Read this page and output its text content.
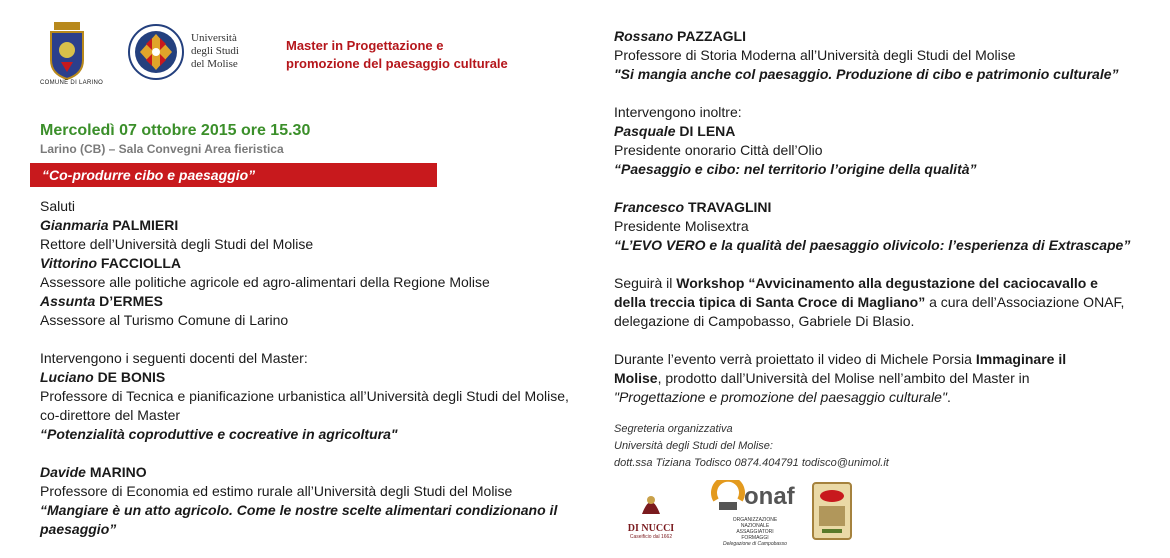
COMUNE DI LARINO
Università
degli Studi
del Molise
Master in Progettazione e
promozione del paesaggio culturale
Mercoledì 07 ottobre 2015 ore 15.30
Larino (CB) – Sala Convegni Area fieristica
“Co-produrre cibo e paesaggio”
Saluti
Gianmaria PALMIERI
Rettore dell’Università degli Studi del Molise
Vittorino FACCIOLLA
Assessore alle politiche agricole ed agro-alimentari della Regione Molise
Assunta D’ERMES
Assessore al Turismo Comune di Larino
Intervengono i seguenti docenti del Master:
Luciano DE BONIS
Professore di Tecnica e pianificazione urbanistica all’Università degli Studi del Molise,
co-direttore del Master
“Potenzialità coproduttive e cocreative in agricoltura"
Davide MARINO
Professore di Economia ed estimo rurale all’Università degli Studi del Molise
“Mangiare è un atto agricolo. Come le nostre scelte alimentari condizionano il paesaggio”
Rossano PAZZAGLI
Professore di Storia Moderna all’Università degli Studi del Molise
"Si mangia anche col paesaggio. Produzione di cibo e patrimonio culturale”
Intervengono inoltre:
Pasquale DI LENA
Presidente onorario Città dell’Olio
“Paesaggio e cibo: nel territorio l’origine della qualità”
Francesco TRAVAGLINI
Presidente Molisextra
“L’EVO VERO e la qualità del paesaggio olivicolo: l’esperienza di Extrascape”
Seguirà il Workshop “Avvicinamento alla degustazione del caciocavallo e
della treccia tipica di Santa Croce di Magliano” a cura dell’Associazione ONAF,
delegazione di Campobasso, Gabriele Di Blasio.
Durante l’evento verrà proiettato il video di Michele Porsia Immaginare il
Molise, prodotto dall’Università del Molise nell’ambito del Master in
"Progettazione e promozione del paesaggio culturale".
Segreteria organizzativa
Università degli Studi del Molise:
dott.ssa Tiziana Todisco 0874.404791 todisco@unimol.it
DI NUCCI
Caseificio dal 1662
onaf
ORGANIZZAZIONE
NAZIONALE
ASSAGGIATORI
FORMAGGI
Delegazione di Campobasso
